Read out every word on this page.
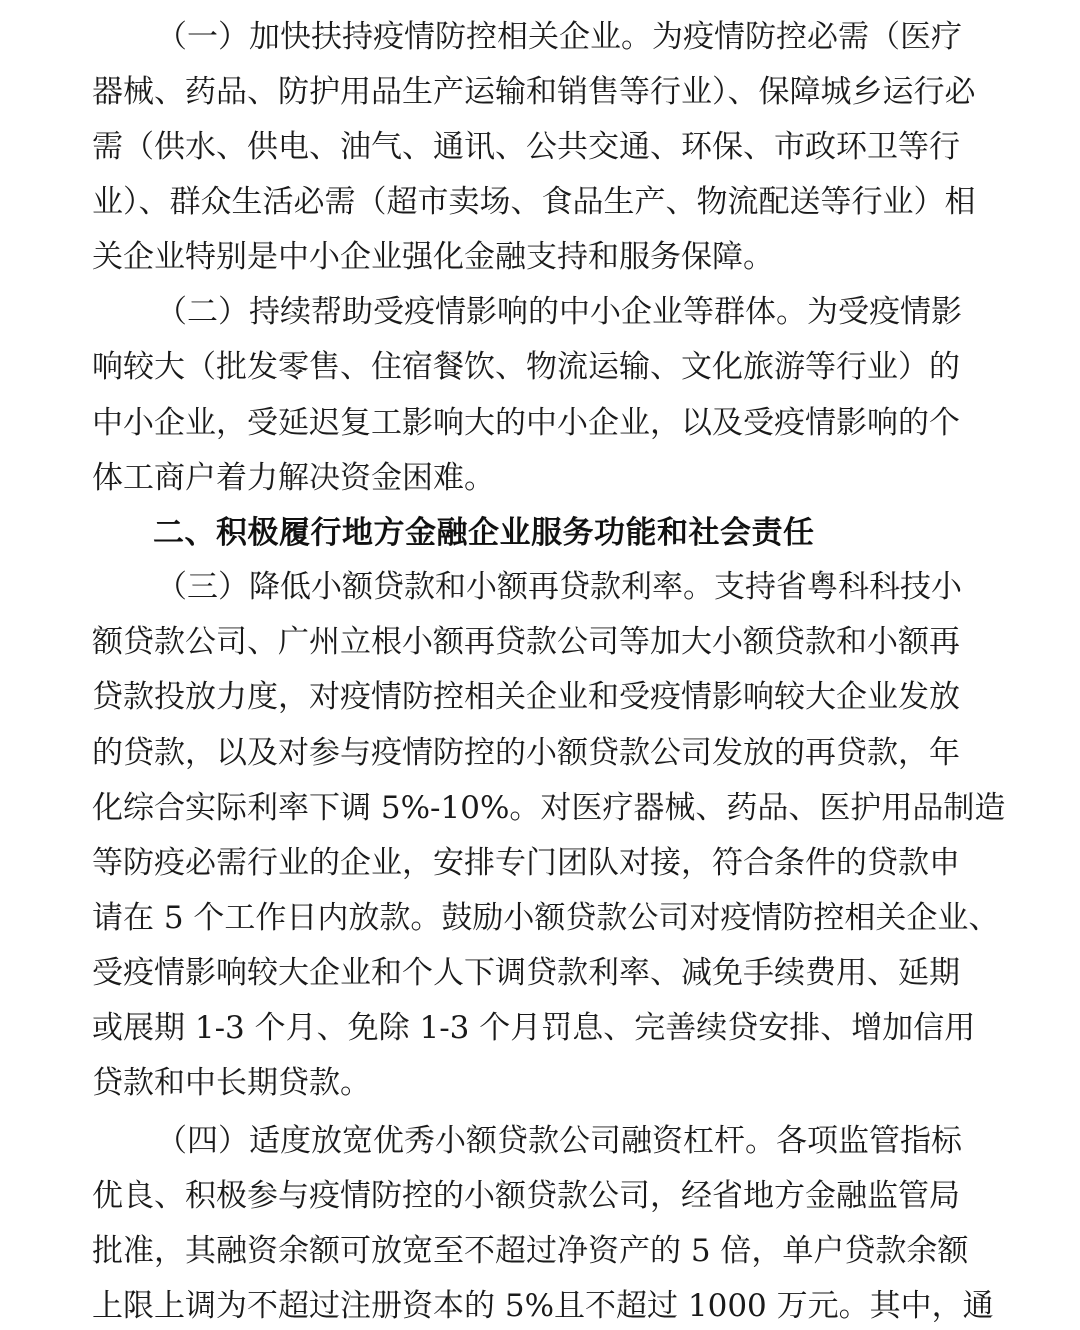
（一）加快扶持疫情防控相关企业。为疫情防控必需（医疗
器械、药品、防护用品生产运输和销售等行业）、保障城乡运行必
需（供水、供电、油气、通讯、公共交通、环保、市政环卫等行
业）、群众生活必需（超市卖场、食品生产、物流配送等行业）相
关企业特别是中小企业强化金融支持和服务保障。
（二）持续帮助受疫情影响的中小企业等群体。为受疫情影
响较大（批发零售、住宿餐饮、物流运输、文化旅游等行业）的
中小企业，受延迟复工影响大的中小企业，以及受疫情影响的个
体工商户着力解决资金困难。
二、积极履行地方金融企业服务功能和社会责任
（三）降低小额贷款和小额再贷款利率。支持省粤科科技小
额贷款公司、广州立根小额再贷款公司等加大小额贷款和小额再
贷款投放力度，对疫情防控相关企业和受疫情影响较大企业发放
的贷款，以及对参与疫情防控的小额贷款公司发放的再贷款，年
化综合实际利率下调 5%-10%。对医疗器械、药品、医护用品制造
等防疫必需行业的企业，安排专门团队对接，符合条件的贷款申
请在 5 个工作日内放款。鼓励小额贷款公司对疫情防控相关企业、
受疫情影响较大企业和个人下调贷款利率、减免手续费用、延期
或展期 1-3 个月、免除 1-3 个月罚息、完善续贷安排、增加信用
贷款和中长期贷款。
（四）适度放宽优秀小额贷款公司融资杠杆。各项监管指标
优良、积极参与疫情防控的小额贷款公司，经省地方金融监管局
批准，其融资余额可放宽至不超过净资产的 5 倍，单户贷款余额
上限上调为不超过注册资本的 5%且不超过 1000 万元。其中，通
